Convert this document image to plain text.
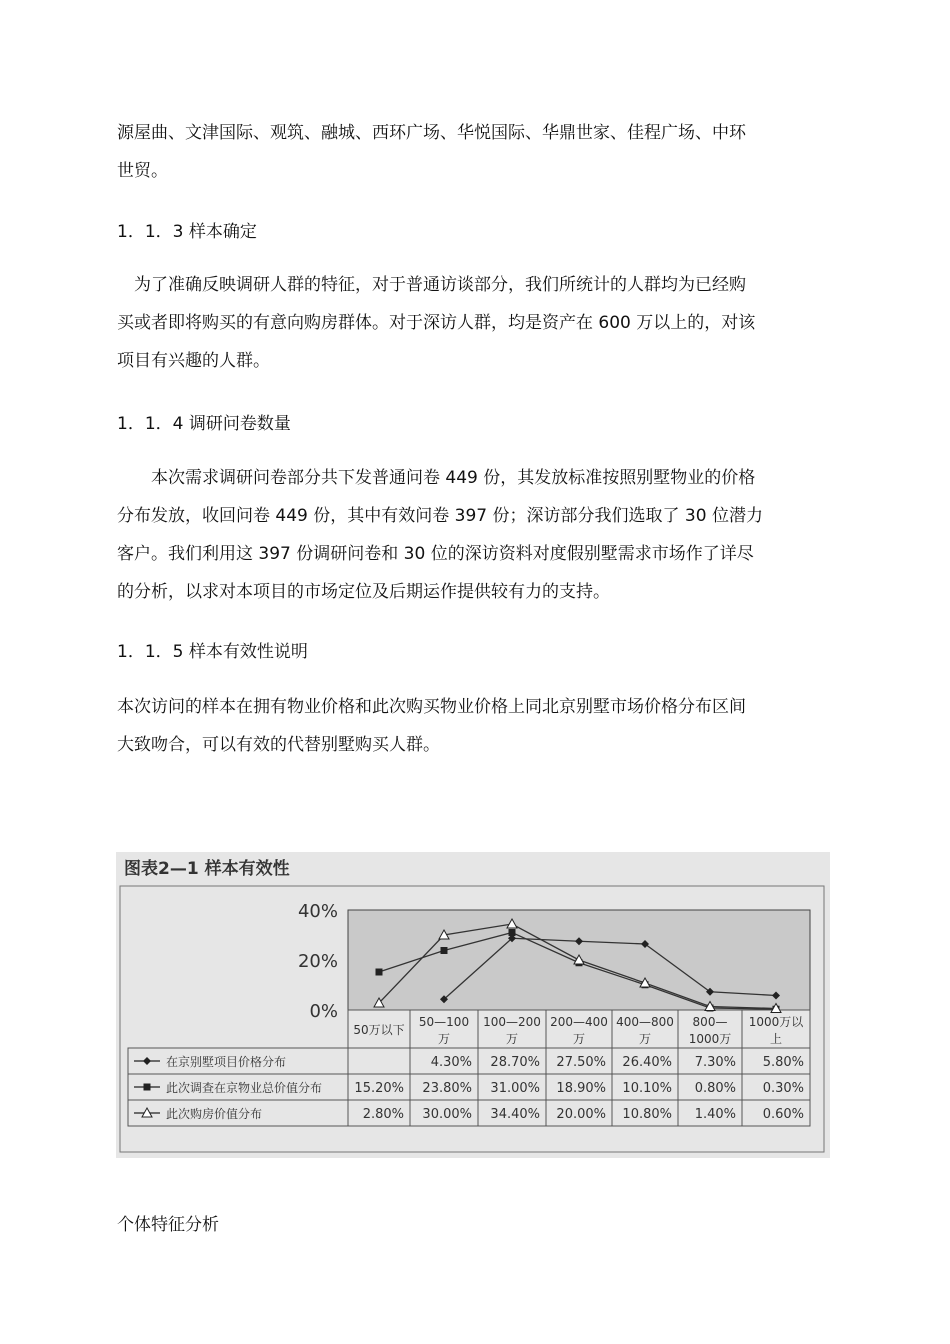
源屋曲、文津国际、观筑、融城、西环广场、华悦国际、华鼎世家、佳程广场、中环
世贸。
1．1．3 样本确定
　为了准确反映调研人群的特征，对于普通访谈部分，我们所统计的人群均为已经购
买或者即将购买的有意向购房群体。对于深访人群，均是资产在 600 万以上的，对该
项目有兴趣的人群。
1．1．4 调研问卷数量
　　本次需求调研问卷部分共下发普通问卷 449 份，其发放标准按照别墅物业的价格
分布发放，收回问卷 449 份，其中有效问卷 397 份；深访部分我们选取了 30 位潜力
客户。我们利用这 397 份调研问卷和 30 位的深访资料对度假别墅需求市场作了详尽
的分析，以求对本项目的市场定位及后期运作提供较有力的支持。
1．1．5 样本有效性说明
本次访问的样本在拥有物业价格和此次购买物业价格上同北京别墅市场价格分布区间
大致吻合，可以有效的代替别墅购买人群。
图表2—1 样本有效性
40%
20%
0%
50万以下
50—100
万
100—200
万
200—400
万
400—800
万
800—
1000万
1000万以
上
在京别墅项目价格分布	4.30% 28.70% 27.50% 26.40% 7.30% 5.80%
此次调查在京物业总价值分布 15.20% 23.80% 31.00% 18.90% 10.10% 0.80% 0.30%
此次购房价值分布	2.80% 30.00% 34.40% 20.00% 10.80% 1.40% 0.60%
个体特征分析
